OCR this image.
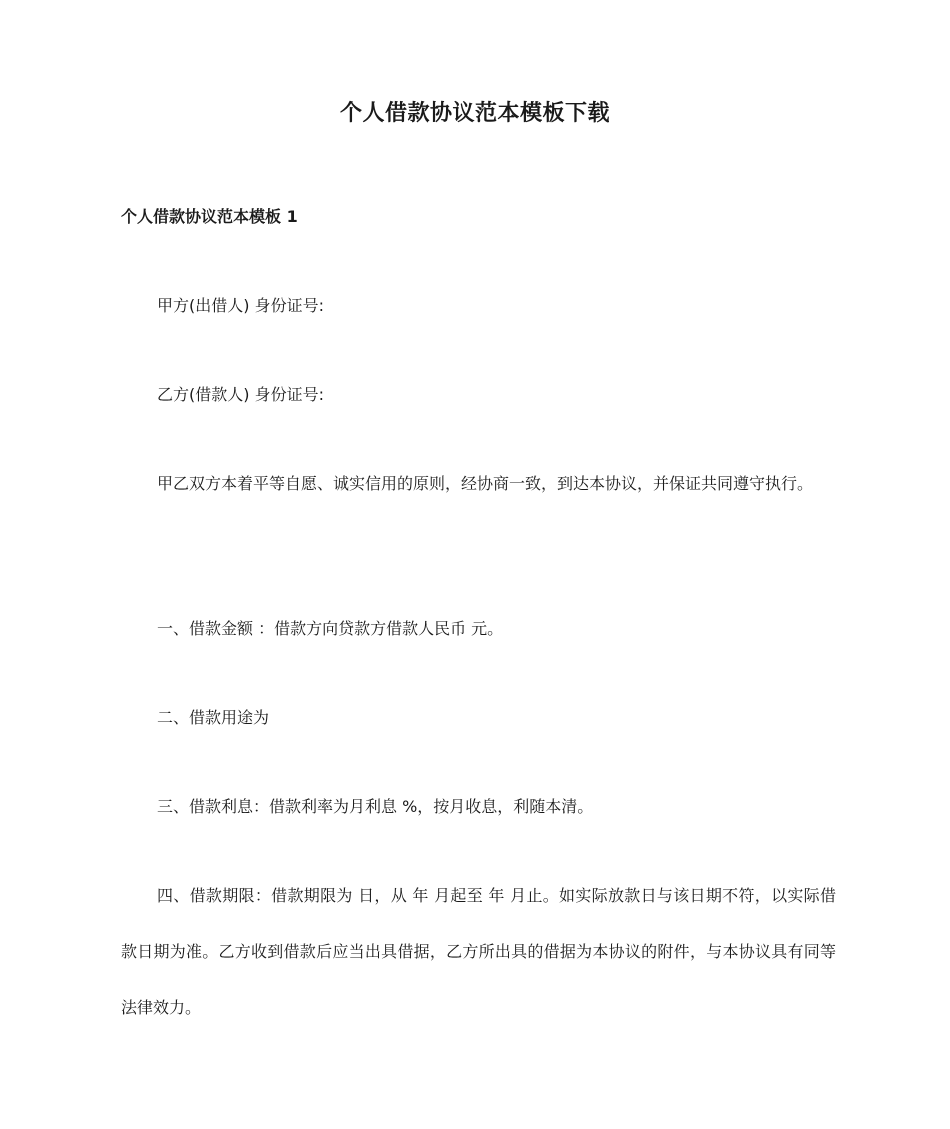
个人借款协议范本模板下载
个人借款协议范本模板 1

甲方(出借人) 身份证号:

乙方(借款人) 身份证号:

甲乙双方本着平等自愿、诚实信用的原则，经协商一致，到达本协议，并保证共同遵守执行。

一、借款金额 ：借款方向贷款方借款人民币 元。

二、借款用途为

三、借款利息：借款利率为月利息 %，按月收息，利随本清。

四、借款期限：借款期限为 日，从 年 月起至 年 月止。如实际放款日与该日期不符，以实际借款日期为准。乙方收到借款后应当出具借据，乙方所出具的借据为本协议的附件，与本协议具有同等法律效力。
